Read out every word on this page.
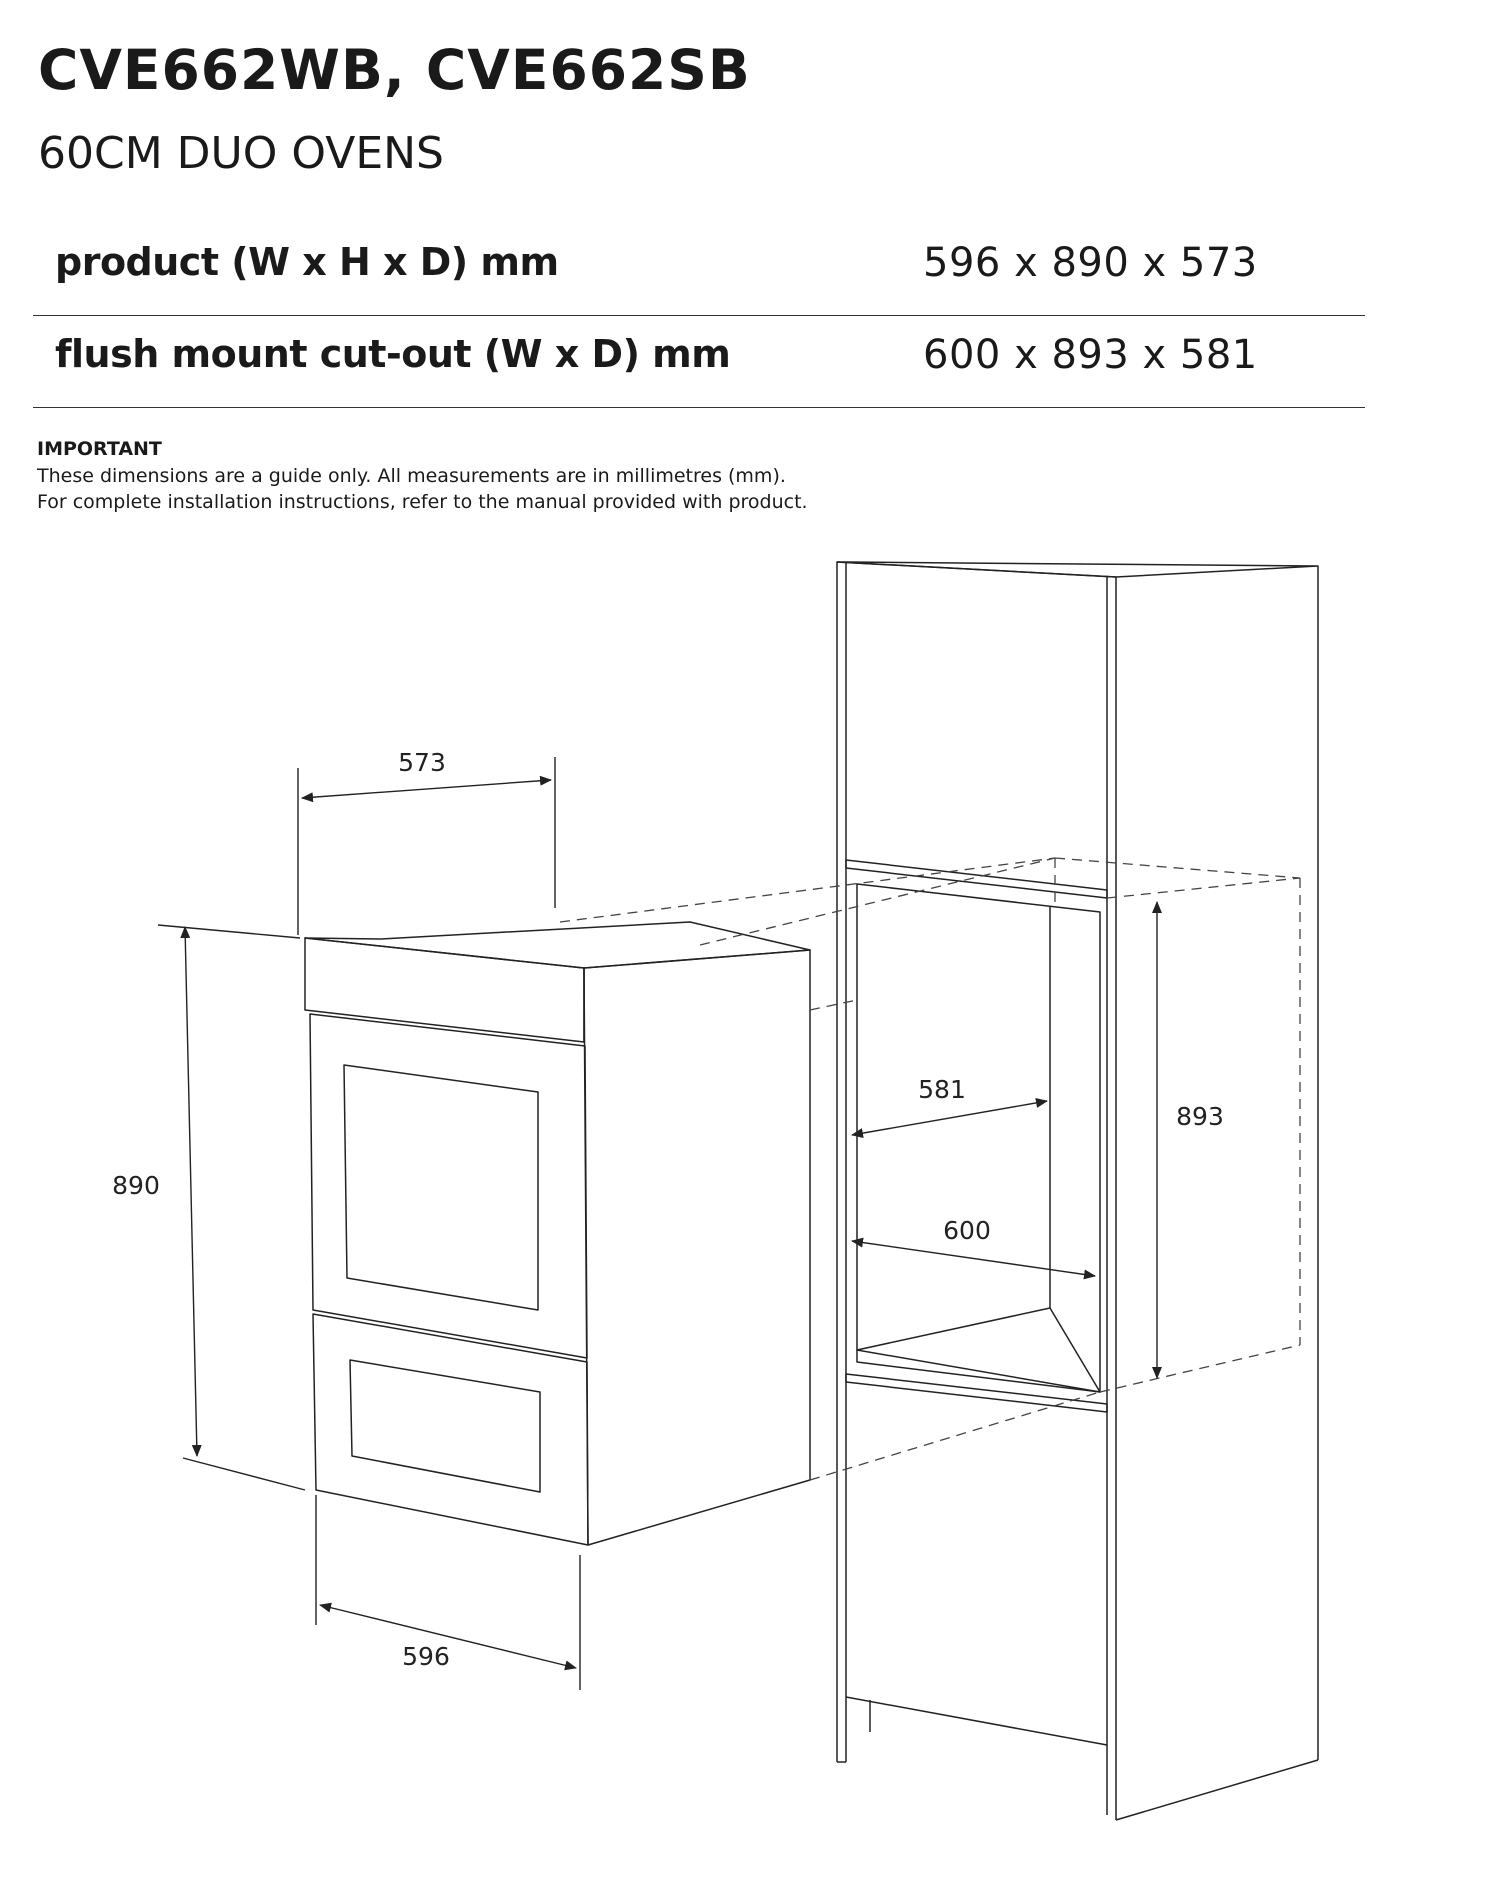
CVE662WB, CVE662SB
60CM DUO OVENS
product (W x H x D) mm	596 x 890 x 573
flush mount cut-out (W x D) mm	600 x 893 x 581

IMPORTANT

These dimensions are a guide only. All measurements are in millimetres (mm).

For complete installation instructions, refer to the manual provided with product.

573
890
596
581
600
893
